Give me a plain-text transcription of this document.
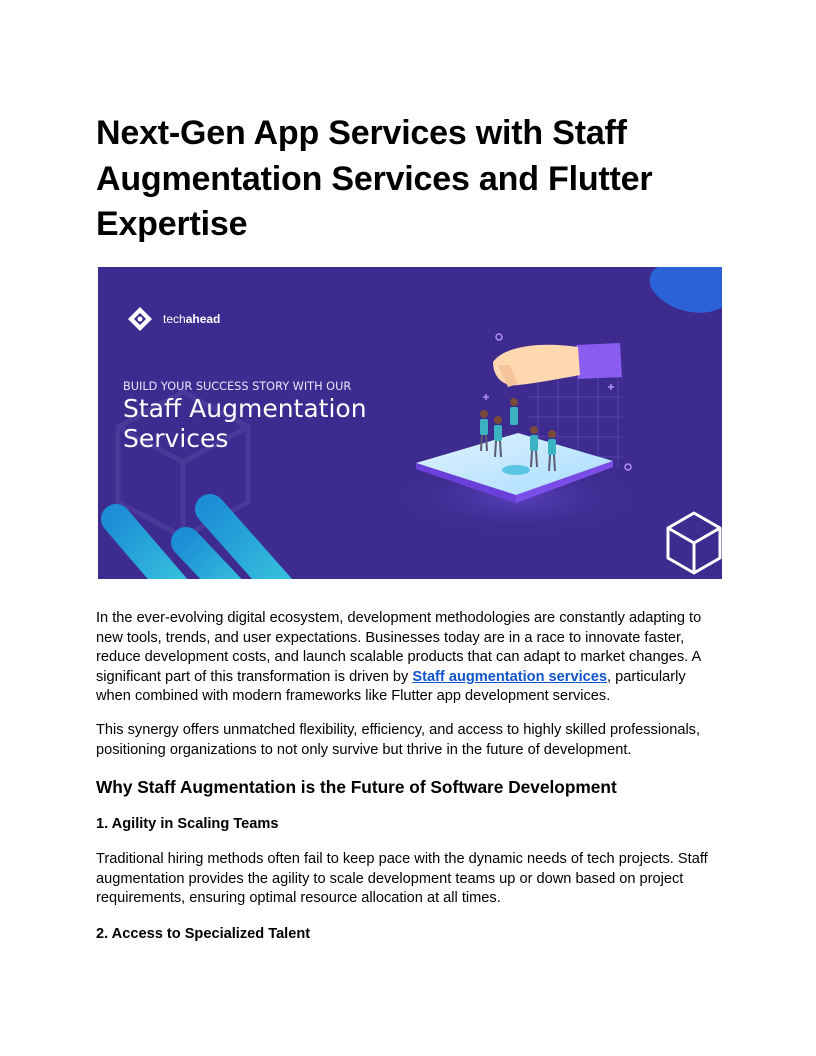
Next-Gen App Services with Staff Augmentation Services and Flutter Expertise
techahead
BUILD YOUR SUCCESS STORY WITH OUR
Staff Augmentation
Services

In the ever-evolving digital ecosystem, development methodologies are constantly adapting to new tools, trends, and user expectations. Businesses today are in a race to innovate faster, reduce development costs, and launch scalable products that can adapt to market changes. A significant part of this transformation is driven by Staff augmentation services, particularly when combined with modern frameworks like Flutter app development services.

This synergy offers unmatched flexibility, efficiency, and access to highly skilled professionals, positioning organizations to not only survive but thrive in the future of development.

Why Staff Augmentation is the Future of Software Development
1. Agility in Scaling Teams

Traditional hiring methods often fail to keep pace with the dynamic needs of tech projects. Staff augmentation provides the agility to scale development teams up or down based on project requirements, ensuring optimal resource allocation at all times.

2. Access to Specialized Talent
